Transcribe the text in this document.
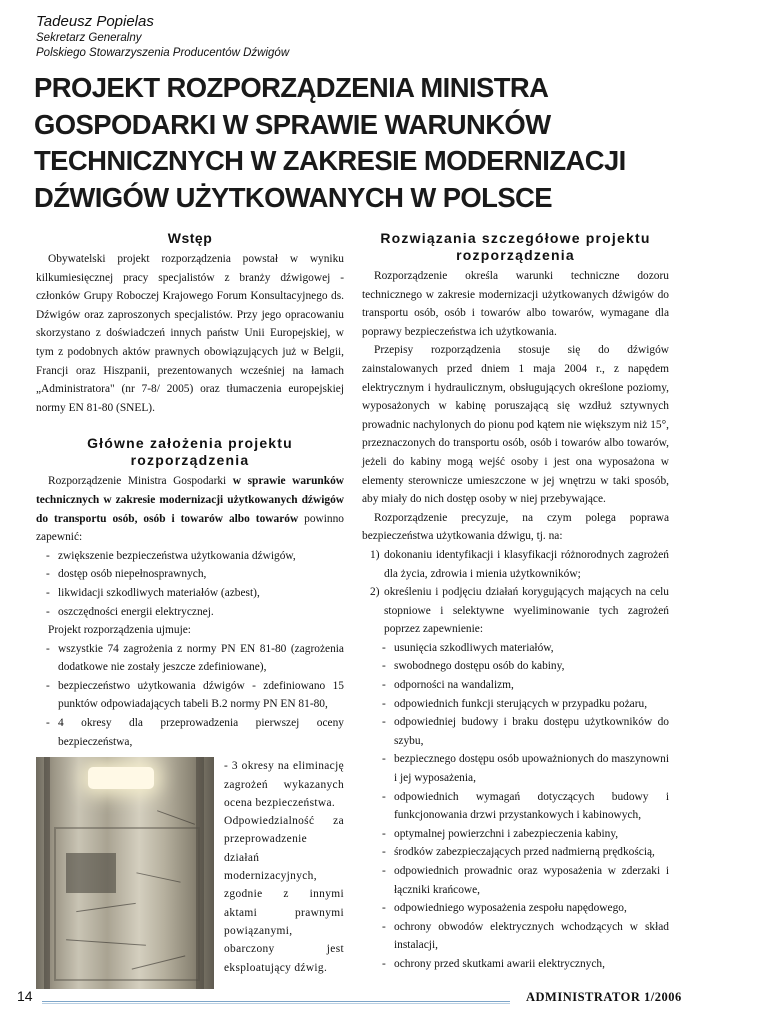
Tadeusz Popielas
Sekretarz Generalny
Polskiego Stowarzyszenia Producentów Dźwigów
PROJEKT ROZPORZĄDZENIA MINISTRA
GOSPODARKI W SPRAWIE WARUNKÓW
TECHNICZNYCH W ZAKRESIE MODERNIZACJI
DŹWIGÓW UŻYTKOWANYCH W POLSCE
Wstęp

Obywatelski projekt rozporządzenia powstał w wyniku kilkumiesięcznej pracy specjalistów z branży dźwigowej - członków Grupy Roboczej Krajowego Forum Konsultacyjnego ds. Dźwigów oraz zaproszonych specjalistów. Przy jego opracowaniu skorzystano z doświadczeń innych państw Unii Europejskiej, w tym z podobnych aktów prawnych obowiązujących już w Belgii, Francji oraz Hiszpanii, prezentowanych wcześniej na łamach „Administratora" (nr 7-8/ 2005) oraz tłumaczenia europejskiej normy EN 81-80 (SNEL).

Główne założenia projektu rozporządzenia

Rozporządzenie Ministra Gospodarki w sprawie warunków technicznych w zakresie modernizacji użytkowanych dźwigów do transportu osób, osób i towarów albo towarów powinno zapewnić:

- zwiększenie bezpieczeństwa użytkowania dźwigów,
- dostęp osób niepełnosprawnych,
- likwidacji szkodliwych materiałów (azbest),
- oszczędności energii elektrycznej.

Projekt rozporządzenia ujmuje:

- wszystkie 74 zagrożenia z normy PN EN 81-80 (zagrożenia dodatkowe nie zostały jeszcze zdefiniowane),
- bezpieczeństwo użytkowania dźwigów - zdefiniowano 15 punktów odpowiadających tabeli B.2 normy PN EN 81-80,
- 4 okresy dla przeprowadzenia pierwszej oceny bezpieczeństwa,

- 3 okresy na eliminację zagrożeń wykazanych ocena bezpieczeństwa.

Odpowiedzialność za przeprowadzenie działań modernizacyjnych, zgodnie z innymi aktami prawnymi powiązanymi, obarczony jest eksploatujący dźwig.

Rozwiązania szczegółowe projektu rozporządzenia

Rozporządzenie określa warunki techniczne dozoru technicznego w zakresie modernizacji użytkowanych dźwigów do transportu osób, osób i towarów albo towarów, wymagane dla poprawy bezpieczeństwa ich użytkowania.

Przepisy rozporządzenia stosuje się do dźwigów zainstalowanych przed dniem 1 maja 2004 r., z napędem elektrycznym i hydraulicznym, obsługujących określone poziomy, wyposażonych w kabinę poruszającą się wzdłuż sztywnych prowadnic nachylonych do pionu pod kątem nie większym niż 15°, przeznaczonych do transportu osób, osób i towarów albo towarów, jeżeli do kabiny mogą wejść osoby i jest ona wyposażona w elementy sterownicze umieszczone w jej wnętrzu w taki sposób, aby miały do nich dostęp osoby w niej przebywające.

Rozporządzenie precyzuje, na czym polega poprawa bezpieczeństwa użytkowania dźwigu, tj. na:

1) dokonaniu identyfikacji i klasyfikacji różnorodnych zagrożeń dla życia, zdrowia i mienia użytkowników;
2) określeniu i podjęciu działań korygujących mających na celu stopniowe i selektywne wyeliminowanie tych zagrożeń poprzez zapewnienie:
- usunięcia szkodliwych materiałów,
- swobodnego dostępu osób do kabiny,
- odporności na wandalizm,
- odpowiednich funkcji sterujących w przypadku pożaru,
- odpowiedniej budowy i braku dostępu użytkowników do szybu,
- bezpiecznego dostępu osób upoważnionych do maszynowni i jej wyposażenia,
- odpowiednich wymagań dotyczących budowy i funkcjonowania drzwi przystankowych i kabinowych,
- optymalnej powierzchni i zabezpieczenia kabiny,
- środków zabezpieczających przed nadmierną prędkością,
- odpowiednich prowadnic oraz wyposażenia w zderzaki i łączniki krańcowe,
- odpowiedniego wyposażenia zespołu napędowego,
- ochrony obwodów elektrycznych wchodzących w skład instalacji,
- ochrony przed skutkami awarii elektrycznych,
14	ADMINISTRATOR 1/2006
